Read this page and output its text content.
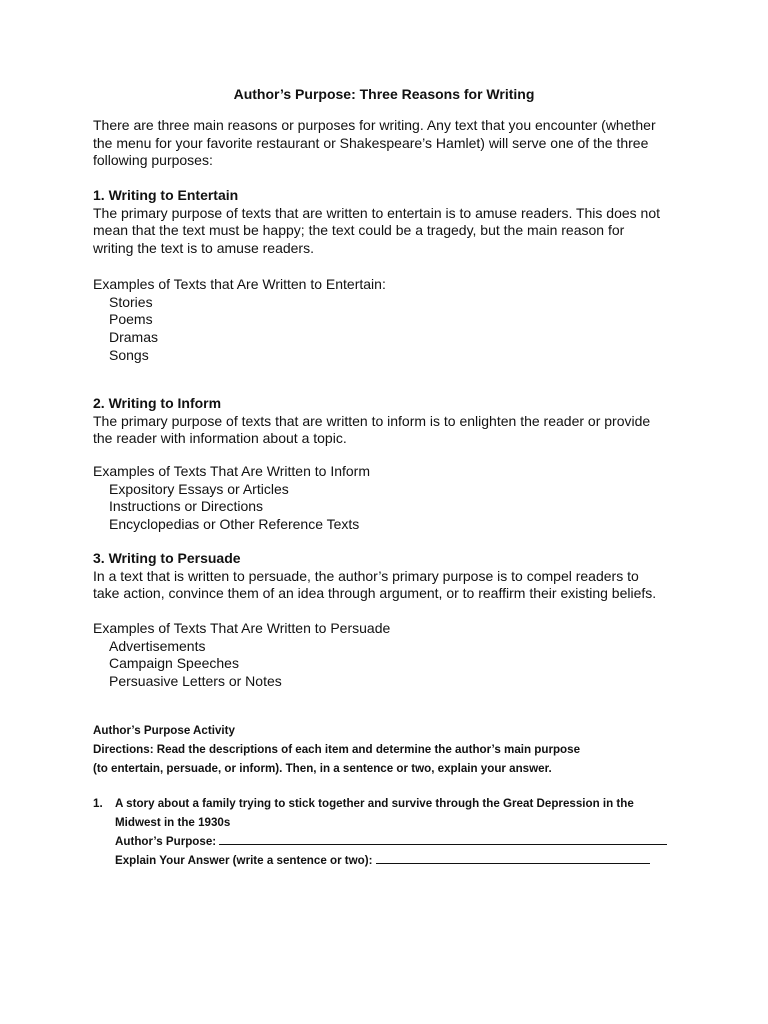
Author’s Purpose: Three Reasons for Writing

There are three main reasons or purposes for writing. Any text that you encounter (whether

the menu for your favorite restaurant or Shakespeare’s Hamlet) will serve one of the three

following purposes:

1. Writing to Entertain

The primary purpose of texts that are written to entertain is to amuse readers. This does not

mean that the text must be happy; the text could be a tragedy, but the main reason for

writing the text is to amuse readers.

Examples of Texts that Are Written to Entertain:

Stories
Poems
Dramas
Songs

2. Writing to Inform

The primary purpose of texts that are written to inform is to enlighten the reader or provide

the reader with information about a topic.

Examples of Texts That Are Written to Inform

Expository Essays or Articles
Instructions or Directions
Encyclopedias or Other Reference Texts

3. Writing to Persuade

In a text that is written to persuade, the author’s primary purpose is to compel readers to

take action, convince them of an idea through argument, or to reaffirm their existing beliefs.

Examples of Texts That Are Written to Persuade

Advertisements
Campaign Speeches
Persuasive Letters or Notes

Author’s Purpose Activity

Directions: Read the descriptions of each item and determine the author’s main purpose

(to entertain, persuade, or inform). Then, in a sentence or two, explain your answer.

1. A story about a family trying to stick together and survive through the Great Depression in the

Midwest in the 1930s

Author’s Purpose:

Explain Your Answer (write a sentence or two):
